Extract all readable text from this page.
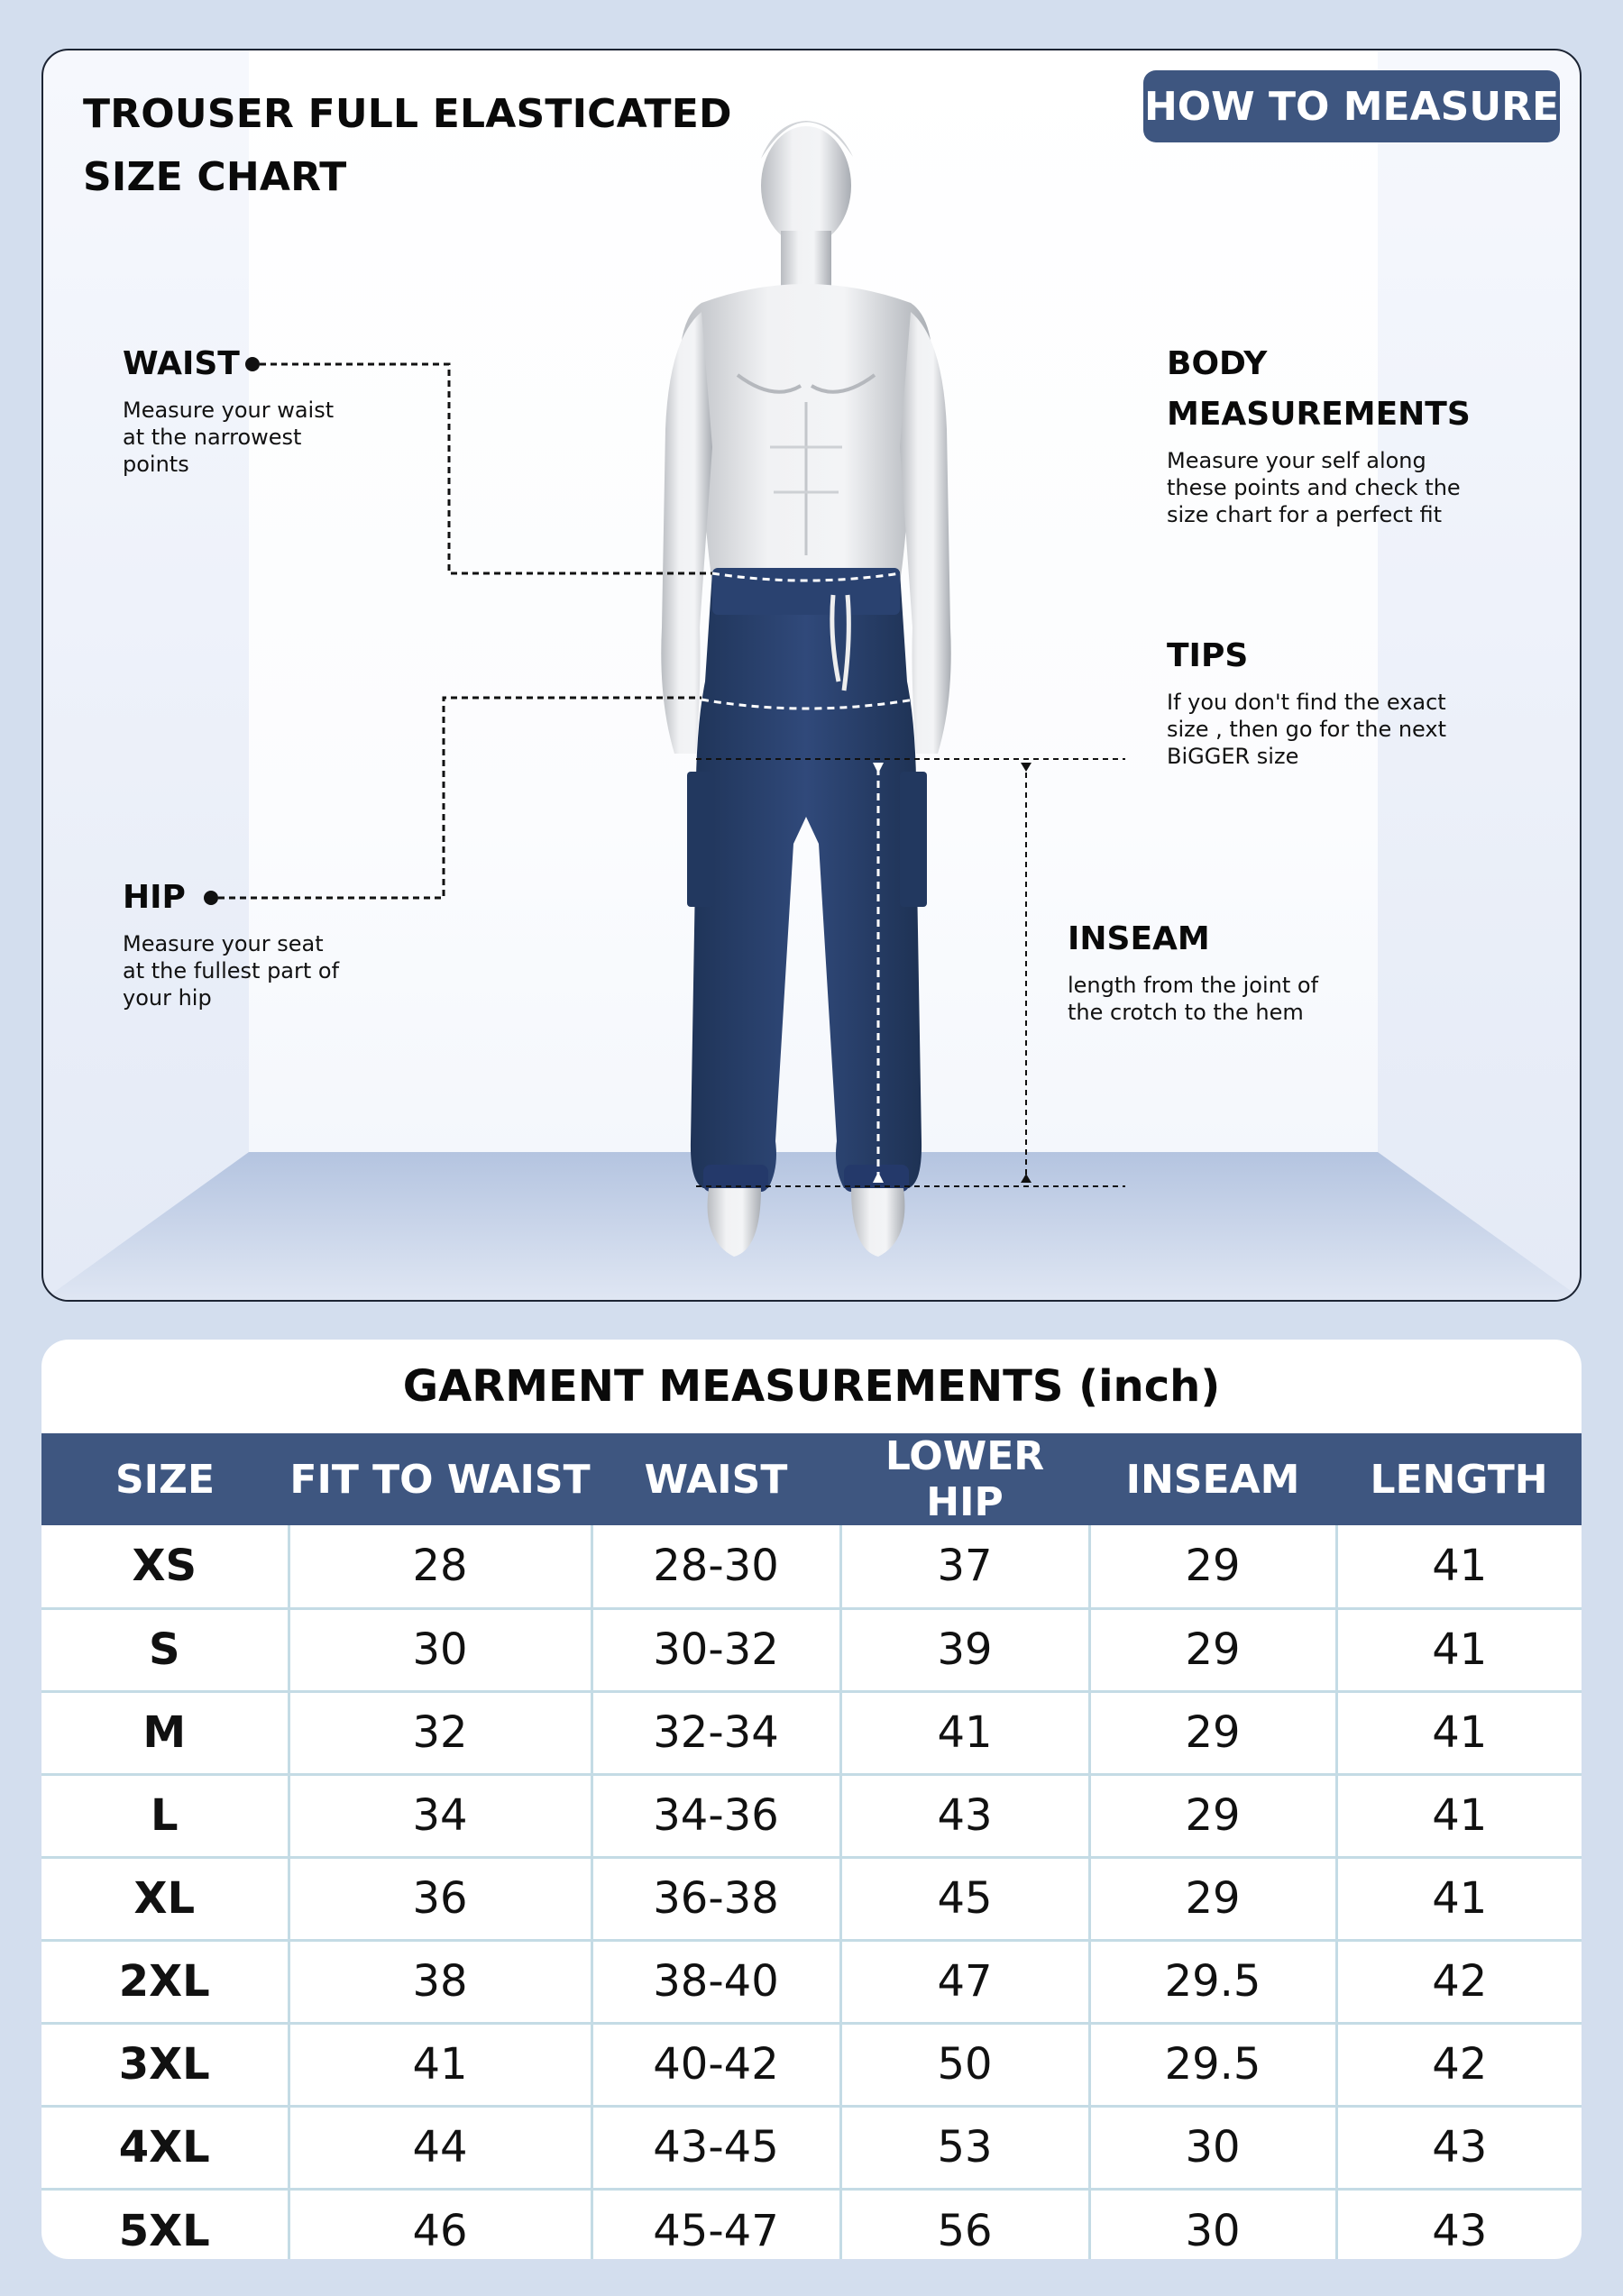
TROUSER FULL ELASTICATED
SIZE CHART
HOW TO MEASURE
WAIST
Measure your waist
at the narrowest
points
HIP
Measure your seat
at the fullest part of
your hip
BODY
MEASUREMENTS
Measure your self along
these points and check the
size chart for a perfect fit
TIPS
If you don't find the exact
size , then go for the next
BiGGER size
INSEAM
length from the joint of
the crotch to the hem
GARMENT MEASUREMENTS (inch)
SIZE	FIT TO WAIST	WAIST	LOWER HIP	INSEAM	LENGTH
XS	28	28-30	37	29	41
S	30	30-32	39	29	41
M	32	32-34	41	29	41
L	34	34-36	43	29	41
XL	36	36-38	45	29	41
2XL	38	38-40	47	29.5	42
3XL	41	40-42	50	29.5	42
4XL	44	43-45	53	30	43
5XL	46	45-47	56	30	43
